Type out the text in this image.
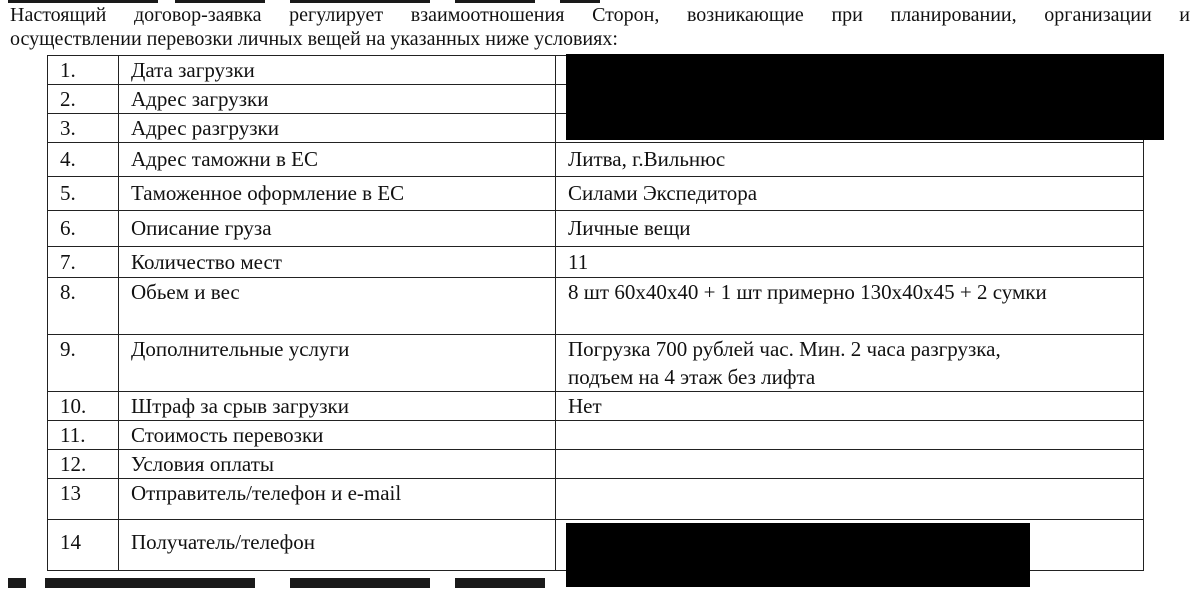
Настоящий договор-заявка регулирует взаимоотношения Сторон, возникающие при планировании, организации и
осуществлении перевозки личных вещей на указанных ниже условиях:
1.	Дата загрузки	
2.	Адрес загрузки	
3.	Адрес разгрузки	
4.	Адрес таможни в ЕС	Литва, г.Вильнюс
5.	Таможенное оформление в ЕС	Силами Экспедитора
6.	Описание груза	Личные вещи
7.	Количество мест	11
8.	Обьем и вес	8 шт 60х40х40 + 1 шт примерно 130х40х45 + 2 сумки
9.	Дополнительные услуги	Погрузка 700 рублей час. Мин. 2 часа разгрузка, подъем на 4 этаж без лифта
10.	Штраф за срыв загрузки	Нет
11.	Стоимость перевозки	
12.	Условия оплаты	
13	Отправитель/телефон и e-mail	
14	Получатель/телефон	
